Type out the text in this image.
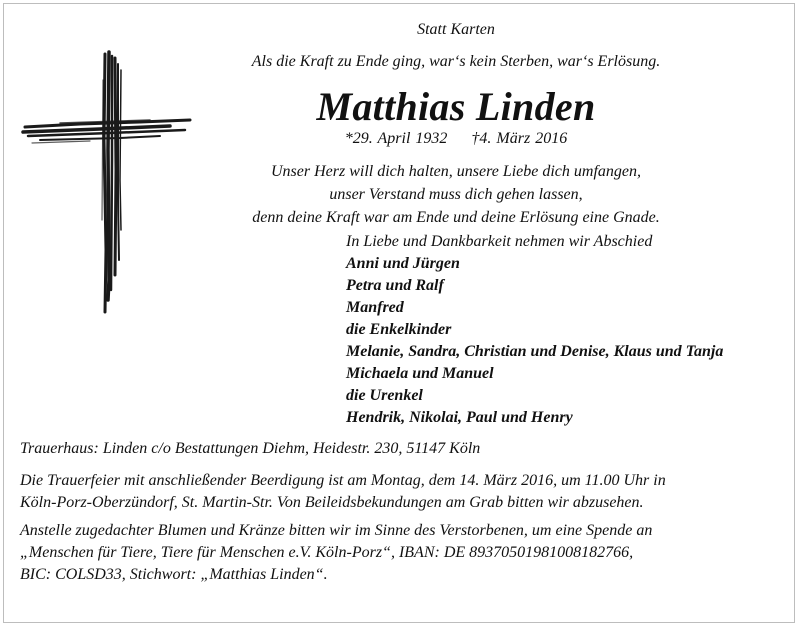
Statt Karten
Als die Kraft zu Ende ging, war‘s kein Sterben, war‘s Erlösung.
Matthias Linden
*29. April 1932 †4. März 2016
Unser Herz will dich halten, unsere Liebe dich umfangen,
unser Verstand muss dich gehen lassen,
denn deine Kraft war am Ende und deine Erlösung eine Gnade.
In Liebe und Dankbarkeit nehmen wir Abschied
Anni und Jürgen
Petra und Ralf
Manfred
die Enkelkinder
Melanie, Sandra, Christian und Denise, Klaus und Tanja
Michaela und Manuel
die Urenkel
Hendrik, Nikolai, Paul und Henry
Trauerhaus: Linden c/o Bestattungen Diehm, Heidestr. 230, 51147 Köln
Die Trauerfeier mit anschließender Beerdigung ist am Montag, dem 14. März 2016, um 11.00 Uhr in
Köln-Porz-Oberzündorf, St. Martin-Str. Von Beileidsbekundungen am Grab bitten wir abzusehen.
Anstelle zugedachter Blumen und Kränze bitten wir im Sinne des Verstorbenen, um eine Spende an
„Menschen für Tiere, Tiere für Menschen e.V. Köln-Porz“, IBAN: DE 89370501981008182766,
BIC: COLSD33, Stichwort: „Matthias Linden“.
